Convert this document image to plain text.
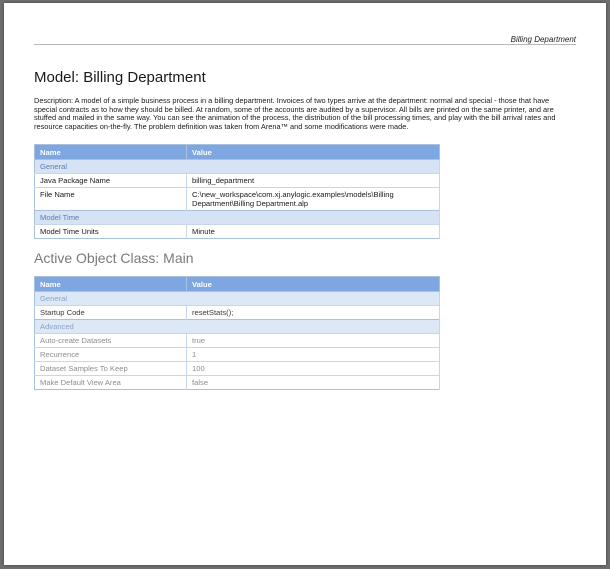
Billing Department
Model: Billing Department

Description: A model of a simple business process in a billing department. Invoices of two types arrive at the department: normal and special - those that have special contracts as to how they should be billed. At random, some of the accounts are audited by a supervisor. All bills are printed on the same printer, and are stuffed and mailed in the same way. You can see the animation of the process, the distribution of the bill processing times, and play with the bill arrival rates and resource capacities on-the-fly. The problem definition was taken from Arena™ and some modifications were made.

Name	Value
General	
Java Package Name	billing_department
File Name	C:\new_workspace\com.xj.anylogic.examples\models\Billing Department\Billing Department.alp
Model Time	
Model Time Units	Minute
Active Object Class: Main
Name	Value
General	
Startup Code	resetStats();
Advanced	
Auto-create Datasets	true
Recurrence	1
Dataset Samples To Keep	100
Make Default View Area	false
